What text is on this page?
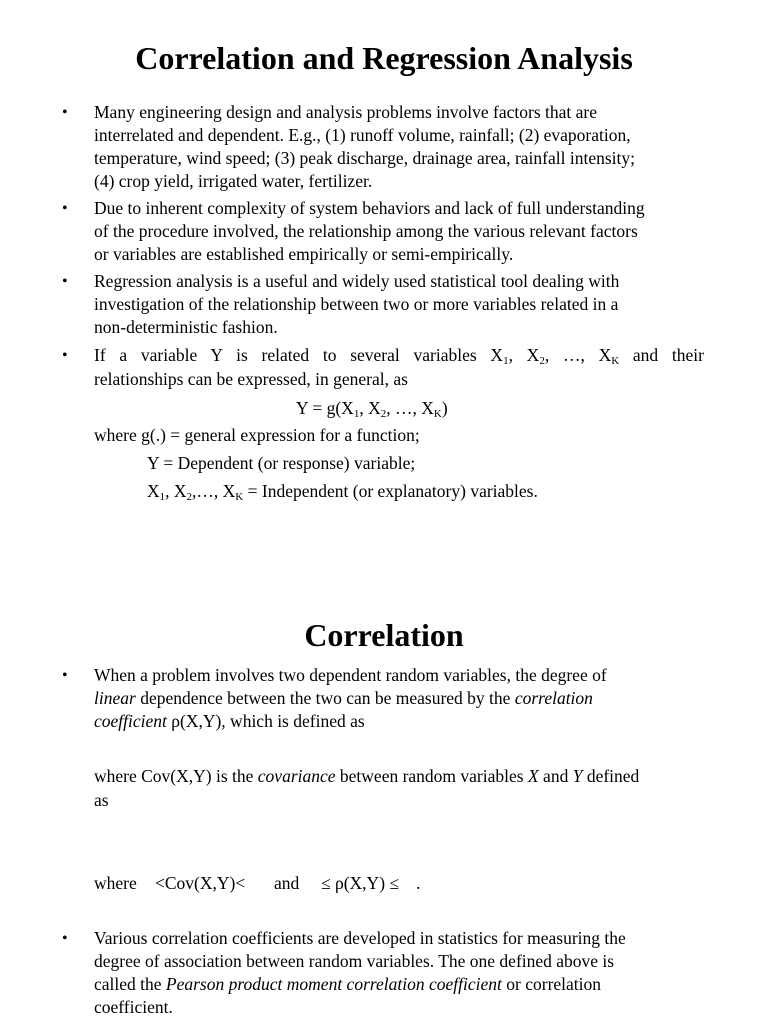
Correlation and Regression Analysis
•	Many engineering design and analysis problems involve factors that are
interrelated and dependent. E.g., (1) runoff volume, rainfall; (2) evaporation,
temperature, wind speed; (3) peak discharge, drainage area, rainfall intensity;
(4) crop yield, irrigated water, fertilizer.
•	Due to inherent complexity of system behaviors and lack of full understanding
of the procedure involved, the relationship among the various relevant factors
or variables are established empirically or semi-empirically.
•	Regression analysis is a useful and widely used statistical tool dealing with
investigation of the relationship between two or more variables related in a
non-deterministic fashion.
•	If a variable Y is related to several variables $X_1$, $X_2$, …, $X_K$ and their
relationships can be expressed, in general, as
$Y = g(X_1$, $X_2$, …, $X_K$)
where g(.) = general expression for a function;
Y = Dependent (or response) variable;
$X_1$, $X_2,\dots$, $X_K$ = Independent (or explanatory) variables.
Correlation
•	When a problem involves two dependent random variables, the degree of
linear dependence between the two can be measured by the correlation
coefficient ρ(X,Y), which is defined as
where Cov(X,Y) is the covariance between random variables X and Y defined
as
where <Cov(X,Y)< and ≤ ρ(X,Y) ≤ .
•	Various correlation coefficients are developed in statistics for measuring the
degree of association between random variables. The one defined above is
called the Pearson product moment correlation coefficient or correlation
coefficient.
